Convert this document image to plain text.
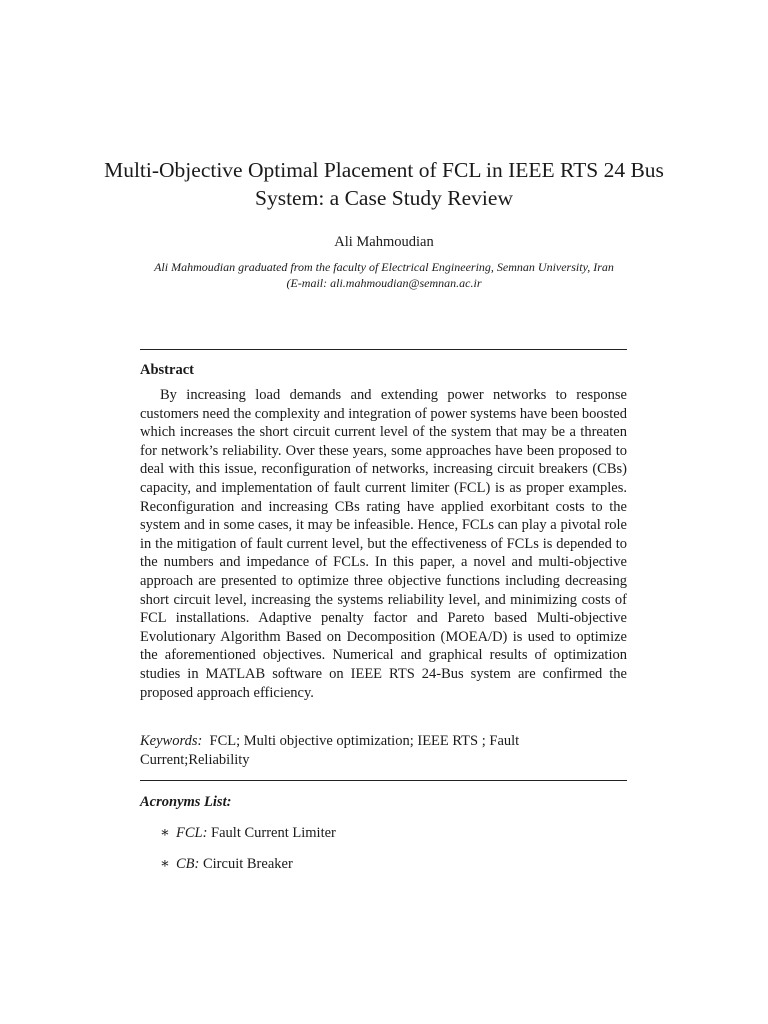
Multi-Objective Optimal Placement of FCL in IEEE RTS 24 Bus System: a Case Study Review
Ali Mahmoudian
Ali Mahmoudian graduated from the faculty of Electrical Engineering, Semnan University, Iran (E-mail: ali.mahmoudian@semnan.ac.ir
Abstract
By increasing load demands and extending power networks to response customers need the complexity and integration of power systems have been boosted which increases the short circuit current level of the system that may be a threaten for network’s reliability. Over these years, some approaches have been proposed to deal with this issue, reconfiguration of networks, increasing circuit breakers (CBs) capacity, and implementation of fault current limiter (FCL) is as proper examples. Reconfiguration and increasing CBs rating have applied exorbitant costs to the system and in some cases, it may be infeasible. Hence, FCLs can play a pivotal role in the mitigation of fault current level, but the effectiveness of FCLs is depended to the numbers and impedance of FCLs. In this paper, a novel and multi-objective approach are presented to optimize three objective functions including decreasing short circuit level, increasing the systems reliability level, and minimizing costs of FCL installations. Adaptive penalty factor and Pareto based Multi-objective Evolutionary Algorithm Based on Decomposition (MOEA/D) is used to optimize the aforementioned objectives. Numerical and graphical results of optimization studies in MATLAB software on IEEE RTS 24-Bus system are confirmed the proposed approach efficiency.
Keywords: FCL; Multi objective optimization; IEEE RTS ; Fault Current;Reliability
Acronyms List:
∗ FCL: Fault Current Limiter
∗ CB: Circuit Breaker
